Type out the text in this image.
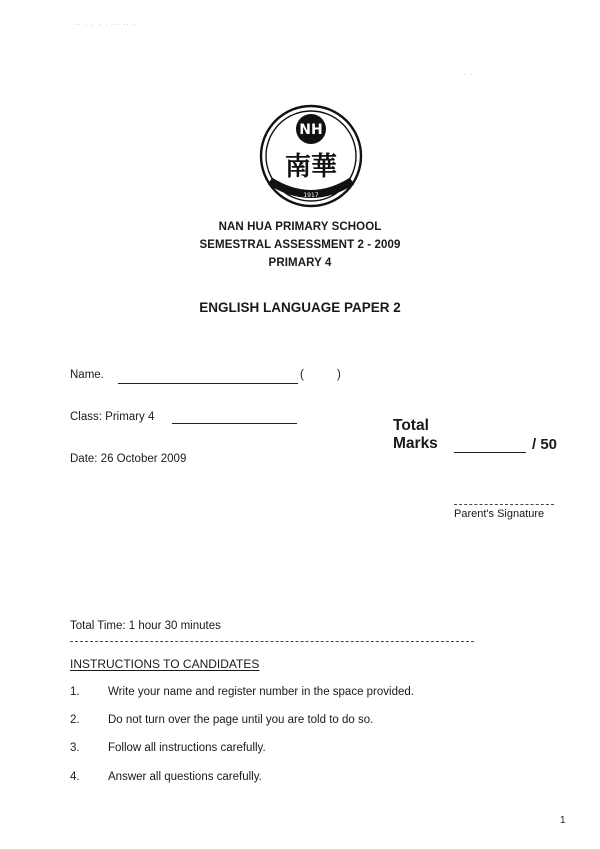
·· · · · · ·· ·· ·
· ·
NH
南華
1917
NAN HUA PRIMARY SCHOOL
SEMESTRAL ASSESSMENT 2 - 2009
PRIMARY 4
ENGLISH LANGUAGE PAPER 2
Name.	(	)
Class: Primary 4
Date: 26 October 2009
Total
Marks	/ 50
Parent's Signature
Total Time: 1 hour 30 minutes
INSTRUCTIONS TO CANDIDATES
1.	Write your name and register number in the space provided.
2.	Do not turn over the page until you are told to do so.
3.	Follow all instructions carefully.
4.	Answer all questions carefully.
1
